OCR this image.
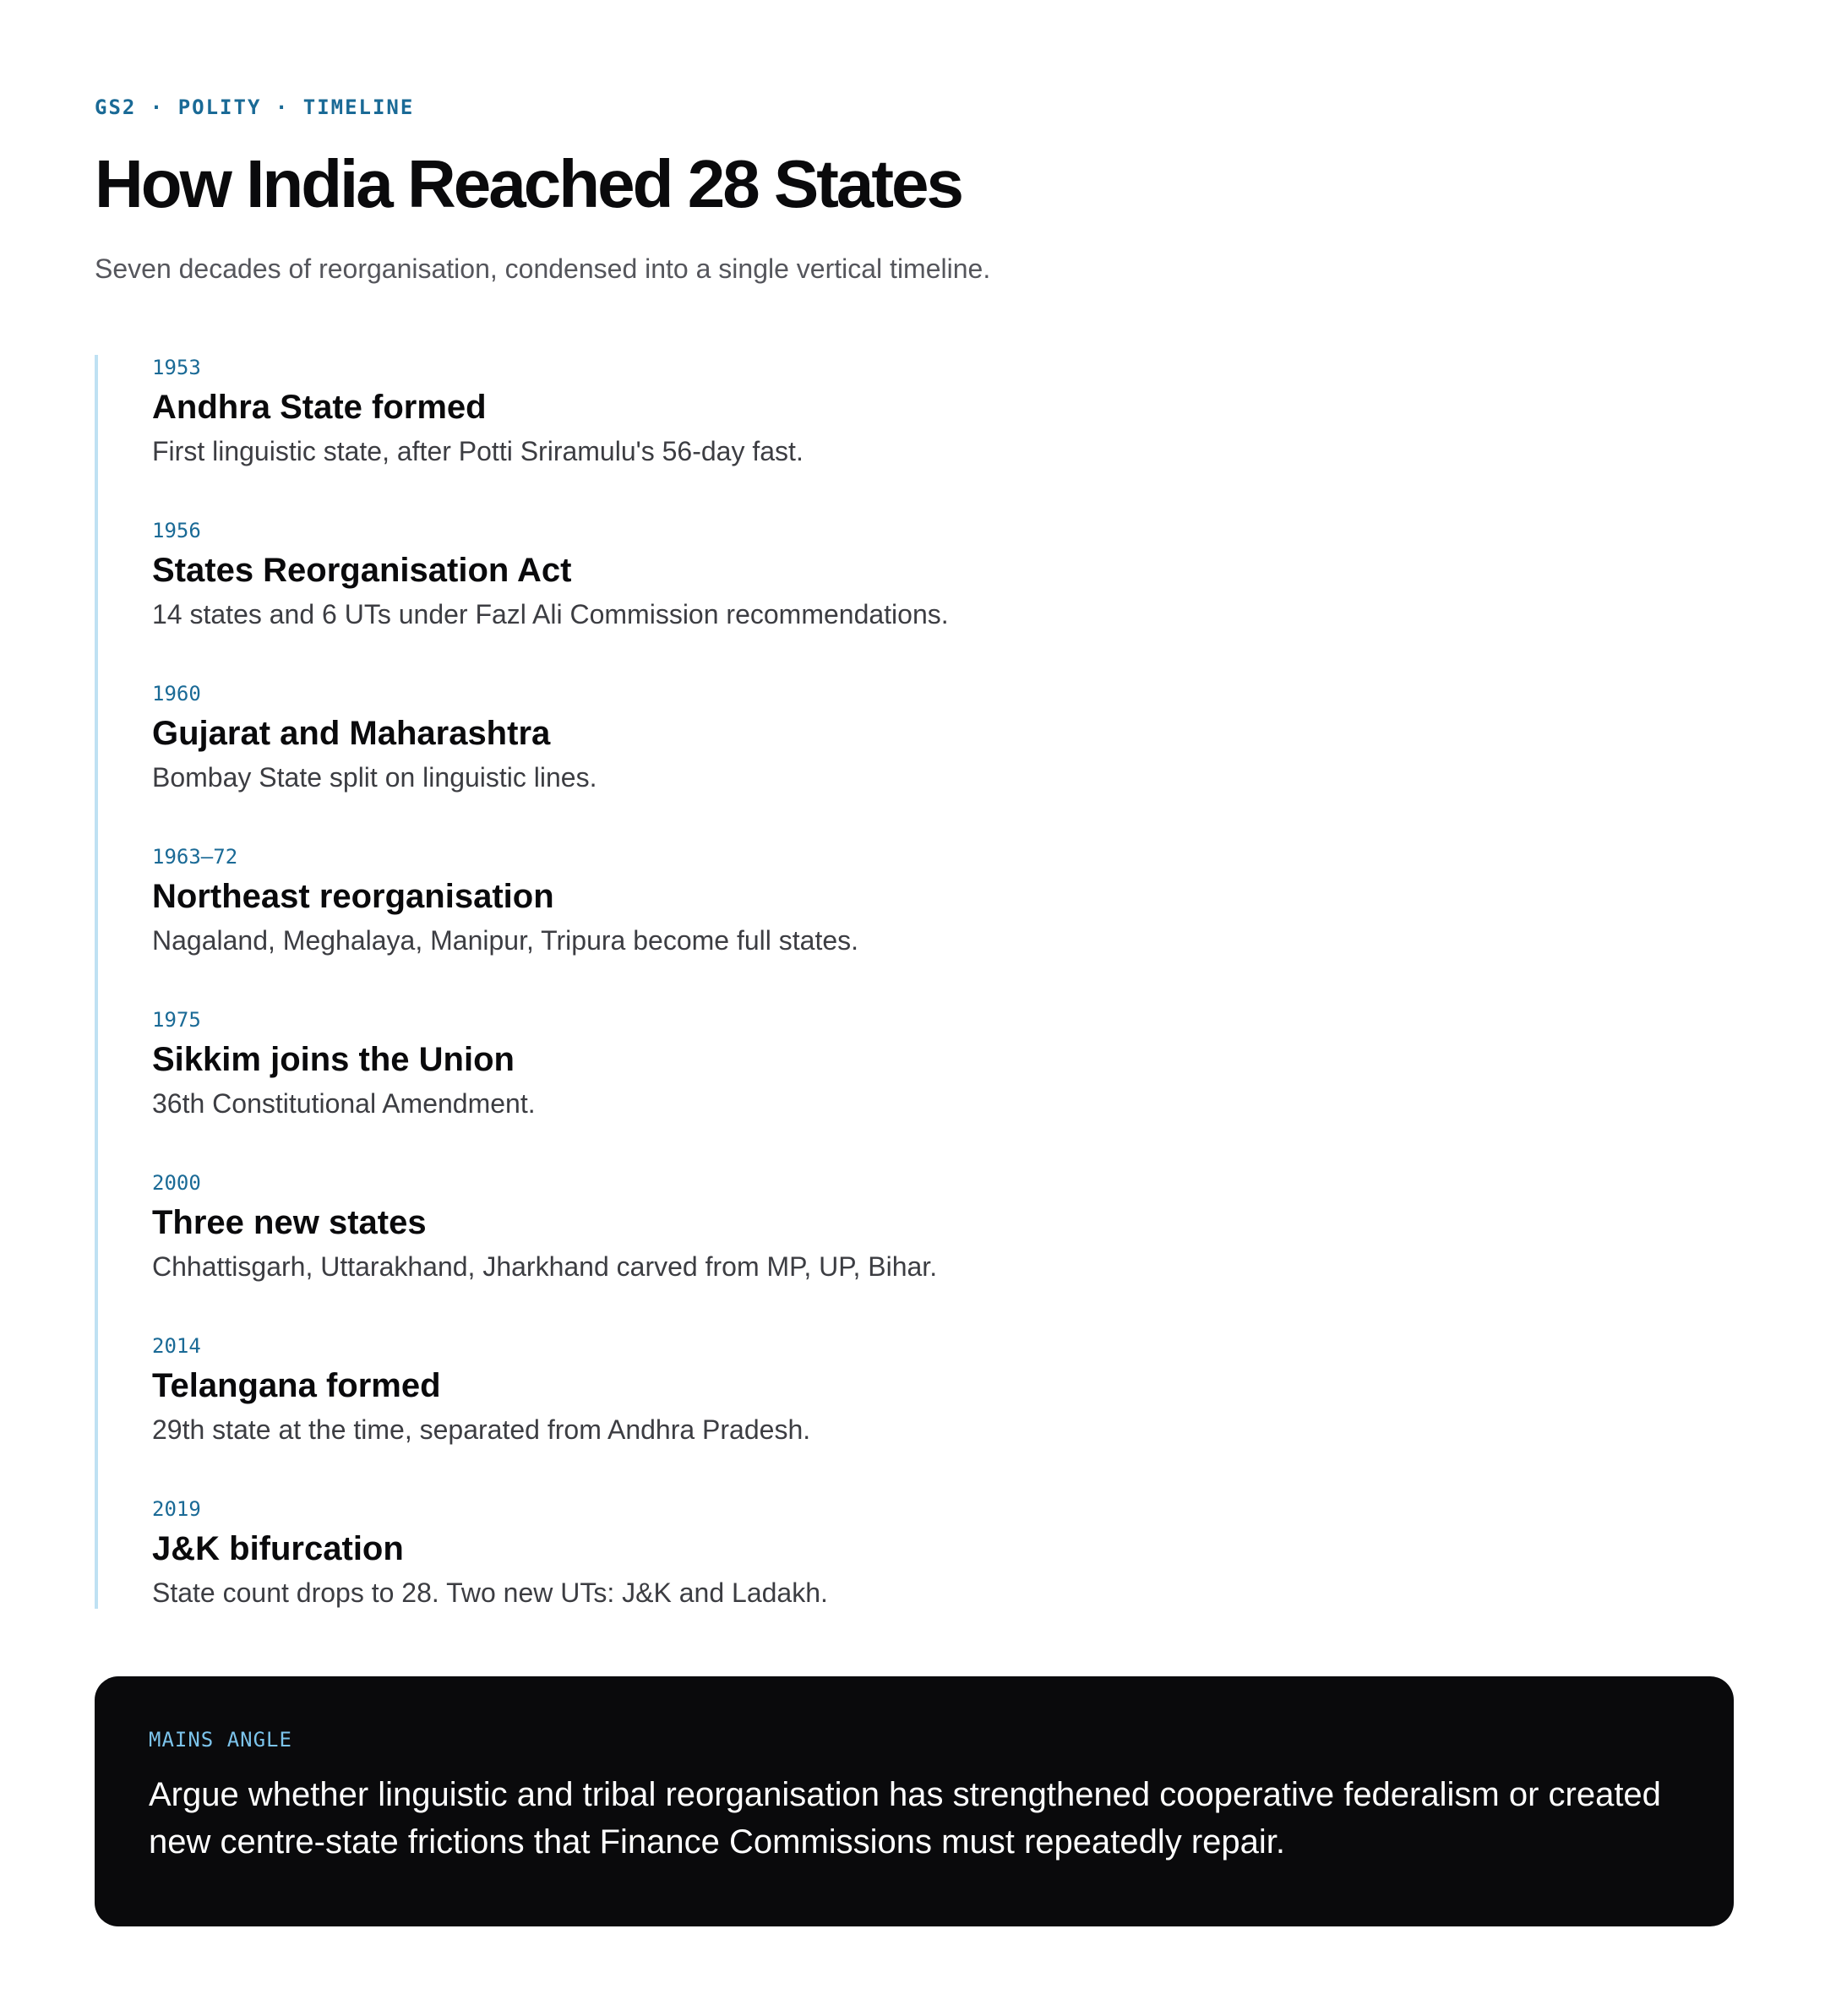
GS2 · POLITY · TIMELINE
How India Reached 28 States
Seven decades of reorganisation, condensed into a single vertical timeline.
1953
Andhra State formed
First linguistic state, after Potti Sriramulu's 56-day fast.
1956
States Reorganisation Act
14 states and 6 UTs under Fazl Ali Commission recommendations.
1960
Gujarat and Maharashtra
Bombay State split on linguistic lines.
1963–72
Northeast reorganisation
Nagaland, Meghalaya, Manipur, Tripura become full states.
1975
Sikkim joins the Union
36th Constitutional Amendment.
2000
Three new states
Chhattisgarh, Uttarakhand, Jharkhand carved from MP, UP, Bihar.
2014
Telangana formed
29th state at the time, separated from Andhra Pradesh.
2019
J&K bifurcation
State count drops to 28. Two new UTs: J&K and Ladakh.
MAINS ANGLE
Argue whether linguistic and tribal reorganisation has strengthened cooperative federalism or created new centre-state frictions that Finance Commissions must repeatedly repair.
